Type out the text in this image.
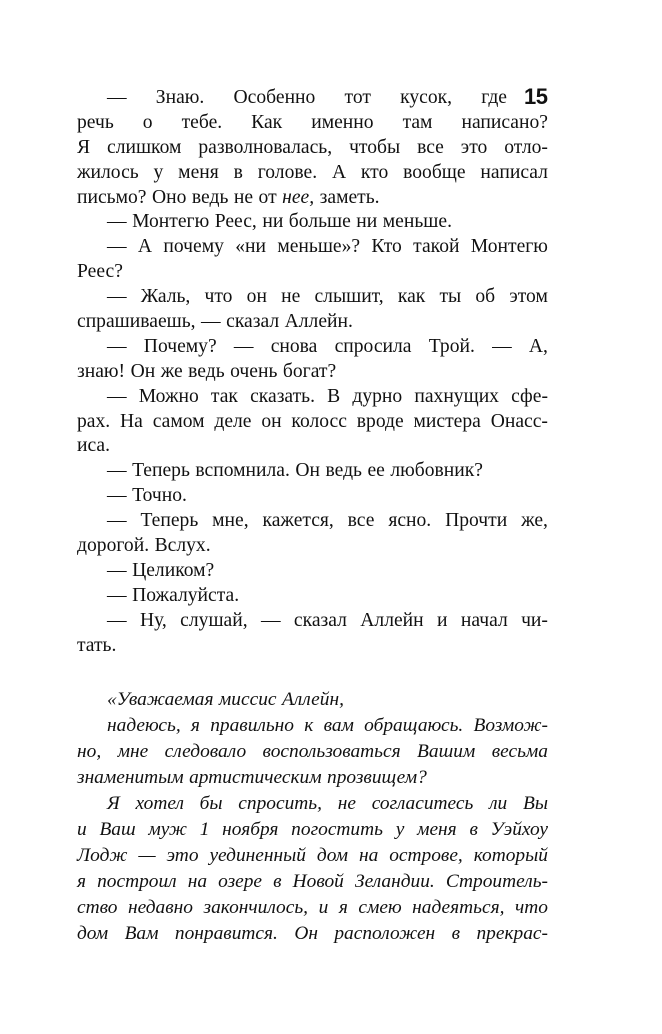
15
— Знаю. Особенно тот кусок, где
речь о тебе. Как именно там написано?
Я слишком разволновалась, чтобы все это отло-
жилось у меня в голове. А кто вообще написал
письмо? Оно ведь не от нее, заметь.
— Монтегю Реес, ни больше ни меньше.
— А почему «ни меньше»? Кто такой Монтегю
Реес?
— Жаль, что он не слышит, как ты об этом
спрашиваешь, — сказал Аллейн.
— Почему? — снова спросила Трой. — А,
знаю! Он же ведь очень богат?
— Можно так сказать. В дурно пахнущих сфе-
рах. На самом деле он колосс вроде мистера Онасс-
иса.
— Теперь вспомнила. Он ведь ее любовник?
— Точно.
— Теперь мне, кажется, все ясно. Прочти же,
дорогой. Вслух.
— Целиком?
— Пожалуйста.
— Ну, слушай, — сказал Аллейн и начал чи-
тать.
«Уважаемая миссис Аллейн,
надеюсь, я правильно к вам обращаюсь. Возмож-
но, мне следовало воспользоваться Вашим весьма
знаменитым артистическим прозвищем?
Я хотел бы спросить, не согласитесь ли Вы
и Ваш муж 1 ноября погостить у меня в Уэйхоу
Лодж — это уединенный дом на острове, который
я построил на озере в Новой Зеландии. Строитель-
ство недавно закончилось, и я смею надеяться, что
дом Вам понравится. Он расположен в прекрас-
